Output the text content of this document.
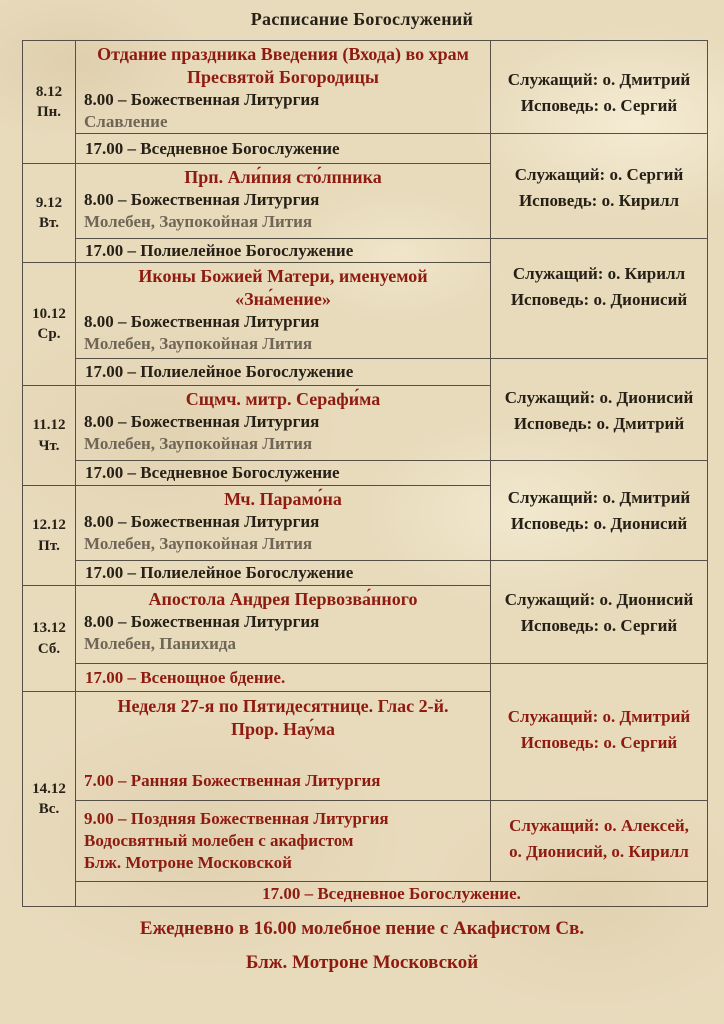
Расписание Богослужений
8.12
Пн.
Отдание праздника Введения (Входа) во храм Пресвятой Богородицы
8.00 – Божественная Литургия
Славление
Служащий: о. Дмитрий
Исповедь: о. Сергий
17.00 – Вседневное Богослужение
Служащий: о. Сергий
Исповедь: о. Кирилл
9.12
Вт.
Прп. Али́пия сто́лпника
8.00 – Божественная Литургия
Молебен, Заупокойная Лития
17.00 – Полиелейное Богослужение
Служащий: о. Кирилл
Исповедь: о. Дионисий
10.12
Ср.
Иконы Божией Матери, именуемой «Зна́мение»
8.00 – Божественная Литургия
Молебен, Заупокойная Лития
17.00 – Полиелейное Богослужение
Служащий: о. Дионисий
Исповедь: о. Дмитрий
11.12
Чт.
Сщмч. митр. Серафи́ма
8.00 – Божественная Литургия
Молебен, Заупокойная Лития
17.00 – Вседневное Богослужение
Служащий: о. Дмитрий
Исповедь: о. Дионисий
12.12
Пт.
Мч. Парамо́на
8.00 – Божественная Литургия
Молебен, Заупокойная Лития
17.00 – Полиелейное Богослужение
Служащий: о. Дионисий
Исповедь: о. Сергий
13.12
Сб.
Апостола Андрея Первозва́нного
8.00 – Божественная Литургия
Молебен, Панихида
17.00 – Всенощное бдение.
Служащий: о. Дмитрий
Исповедь: о. Сергий
14.12
Вс.
Неделя 27-я по Пятидесятнице. Глас 2-й.
Прор. Нау́ма
7.00 – Ранняя Божественная Литургия
9.00 – Поздняя Божественная Литургия
Водосвятный молебен с акафистом
Блж. Мотроне Московской
Служащий: о. Алексей,
о. Дионисий, о. Кирилл
17.00 – Вседневное Богослужение.
Ежедневно в 16.00 молебное пение с Акафистом Св.
Блж. Мотроне Московской
